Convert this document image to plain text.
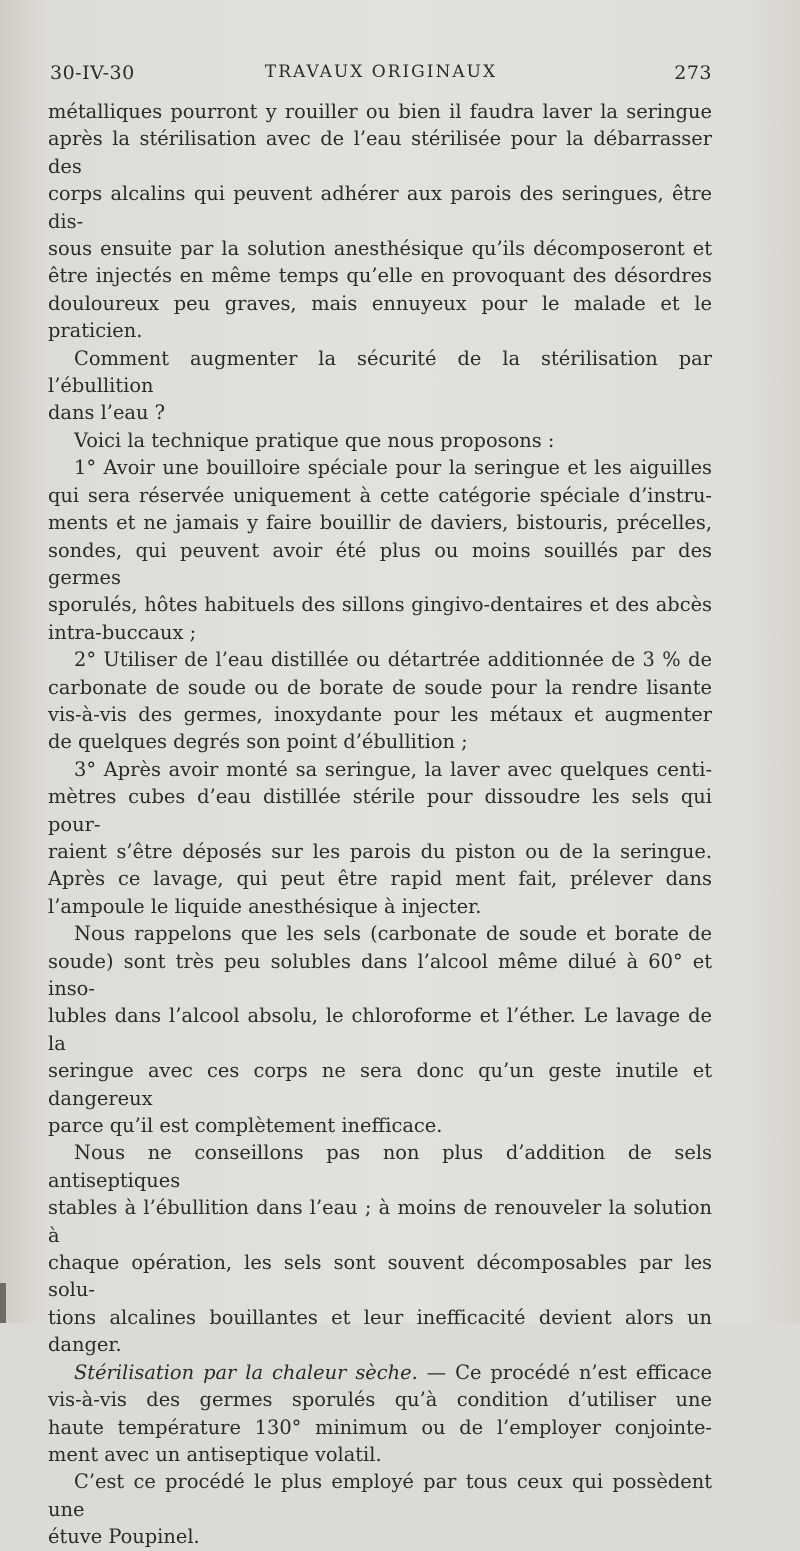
30-IV-30	TRAVAUX ORIGINAUX	273
métalliques pourront y rouiller ou bien il faudra laver la seringue
après la stérilisation avec de l’eau stérilisée pour la débarrasser des
corps alcalins qui peuvent adhérer aux parois des seringues, être dis-
sous ensuite par la solution anesthésique qu’ils décomposeront et
être injectés en même temps qu’elle en provoquant des désordres
douloureux peu graves, mais ennuyeux pour le malade et le praticien.
Comment augmenter la sécurité de la stérilisation par l’ébullition
dans l’eau ?
Voici la technique pratique que nous proposons :
1° Avoir une bouilloire spéciale pour la seringue et les aiguilles
qui sera réservée uniquement à cette catégorie spéciale d’instru-
ments et ne jamais y faire bouillir de daviers, bistouris, précelles,
sondes, qui peuvent avoir été plus ou moins souillés par des germes
sporulés, hôtes habituels des sillons gingivo-dentaires et des abcès
intra-buccaux ;
2° Utiliser de l’eau distillée ou détartrée additionnée de 3 % de
carbonate de soude ou de borate de soude pour la rendre lisante
vis-à-vis des germes, inoxydante pour les métaux et augmenter
de quelques degrés son point d’ébullition ;
3° Après avoir monté sa seringue, la laver avec quelques centi-
mètres cubes d’eau distillée stérile pour dissoudre les sels qui pour-
raient s’être déposés sur les parois du piston ou de la seringue.
Après ce lavage, qui peut être rapid ment fait, prélever dans
l’ampoule le liquide anesthésique à injecter.
Nous rappelons que les sels (carbonate de soude et borate de
soude) sont très peu solubles dans l’alcool même dilué à 60° et inso-
lubles dans l’alcool absolu, le chloroforme et l’éther. Le lavage de la
seringue avec ces corps ne sera donc qu’un geste inutile et dangereux
parce qu’il est complètement inefficace.
Nous ne conseillons pas non plus d’addition de sels antiseptiques
stables à l’ébullition dans l’eau ; à moins de renouveler la solution à
chaque opération, les sels sont souvent décomposables par les solu-
tions alcalines bouillantes et leur inefficacité devient alors un danger.
Stérilisation par la chaleur sèche. — Ce procédé n’est efficace
vis-à-vis des germes sporulés qu’à condition d’utiliser une
haute température 130° minimum ou de l’employer conjointe-
ment avec un antiseptique volatil.
C’est ce procédé le plus employé par tous ceux qui possèdent une
étuve Poupinel.
